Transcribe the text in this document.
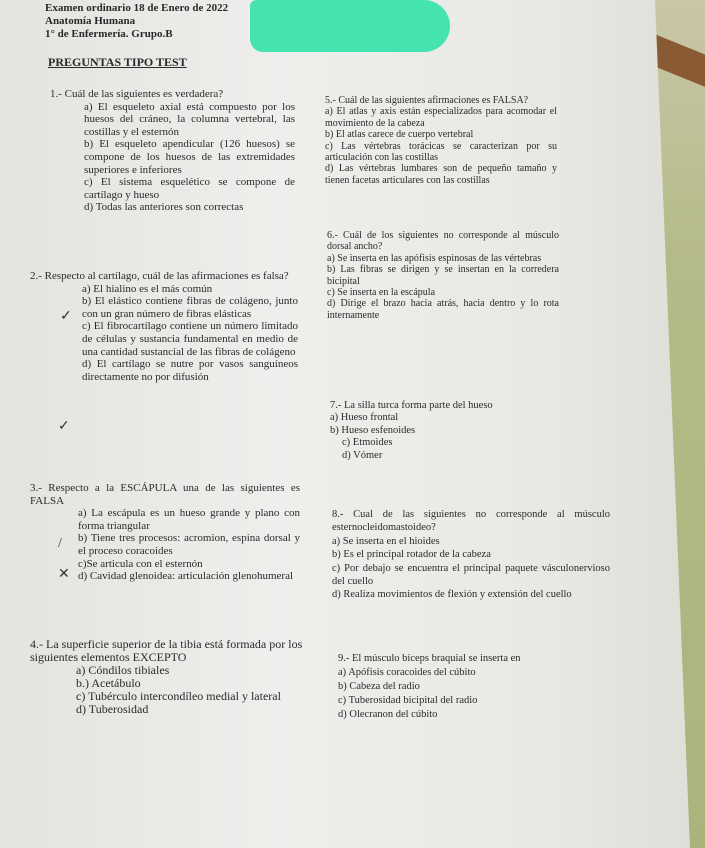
Examen ordinario 18 de Enero de 2022
Anatomía Humana
1° de Enfermería. Grupo.B
PREGUNTAS TIPO TEST

1.- Cuál de las siguientes es verdadera?

a) El esqueleto axial está compuesto por los huesos del cráneo, la columna vertebral, las costillas y el esternón

b) El esqueleto apendicular (126 huesos) se compone de los huesos de las extremidades superiores e inferiores

c) El sistema esquelético se compone de cartílago y hueso

d) Todas las anteriores son correctas

2.- Respecto al cartílago, cuál de las afirmaciones es falsa?

a) El hialino es el más común

b) El elástico contiene fibras de colágeno, junto con un gran número de fibras elásticas

c) El fibrocartílago contiene un número limitado de células y sustancia fundamental en medio de una cantidad sustancial de las fibras de colágeno

d) El cartílago se nutre por vasos sanguíneos directamente no por difusión

✓
✓

3.- Respecto a la ESCÁPULA una de las siguientes es FALSA

a) La escápula es un hueso grande y plano con forma triangular

b) Tiene tres procesos: acromion, espina dorsal y el proceso coracoides

c)Se articula con el esternón

d) Cavidad glenoidea: articulación glenohumeral

/
✕

4.- La superficie superior de la tibia está formada por los siguientes elementos EXCEPTO

a) Cóndilos tibiales

b.) Acetábulo

c) Tubérculo intercondíleo medial y lateral

d) Tuberosidad

5.- Cuál de las siguientes afirmaciones es FALSA?

a) El atlas y axis están especializados para acomodar el movimiento de la cabeza

b) El atlas carece de cuerpo vertebral

c) Las vértebras torácicas se caracterizan por su articulación con las costillas

d) Las vértebras lumbares son de pequeño tamaño y tienen facetas articulares con las costillas

6.- Cuál de los siguientes no corresponde al músculo dorsal ancho?

a) Se inserta en las apófisis espinosas de las vértebras

b) Las fibras se dirigen y se insertan en la corredera bicipital

c) Se inserta en la escápula

d) Dirige el brazo hacia atrás, hacia dentro y lo rota internamente

7.- La silla turca forma parte del hueso

a) Hueso frontal

b) Hueso esfenoides

c) Etmoides

d) Vómer

8.- Cual de las siguientes no corresponde al músculo esternocleidomastoideo?

a) Se inserta en el hioides

b) Es el principal rotador de la cabeza

c) Por debajo se encuentra el principal paquete vásculonervioso del cuello

d) Realiza movimientos de flexión y extensión del cuello

9.- El músculo bíceps braquial se inserta en

a) Apófisis coracoides del cúbito

b) Cabeza del radio

c) Tuberosidad bicipital del radio

d) Olecranon del cúbito
